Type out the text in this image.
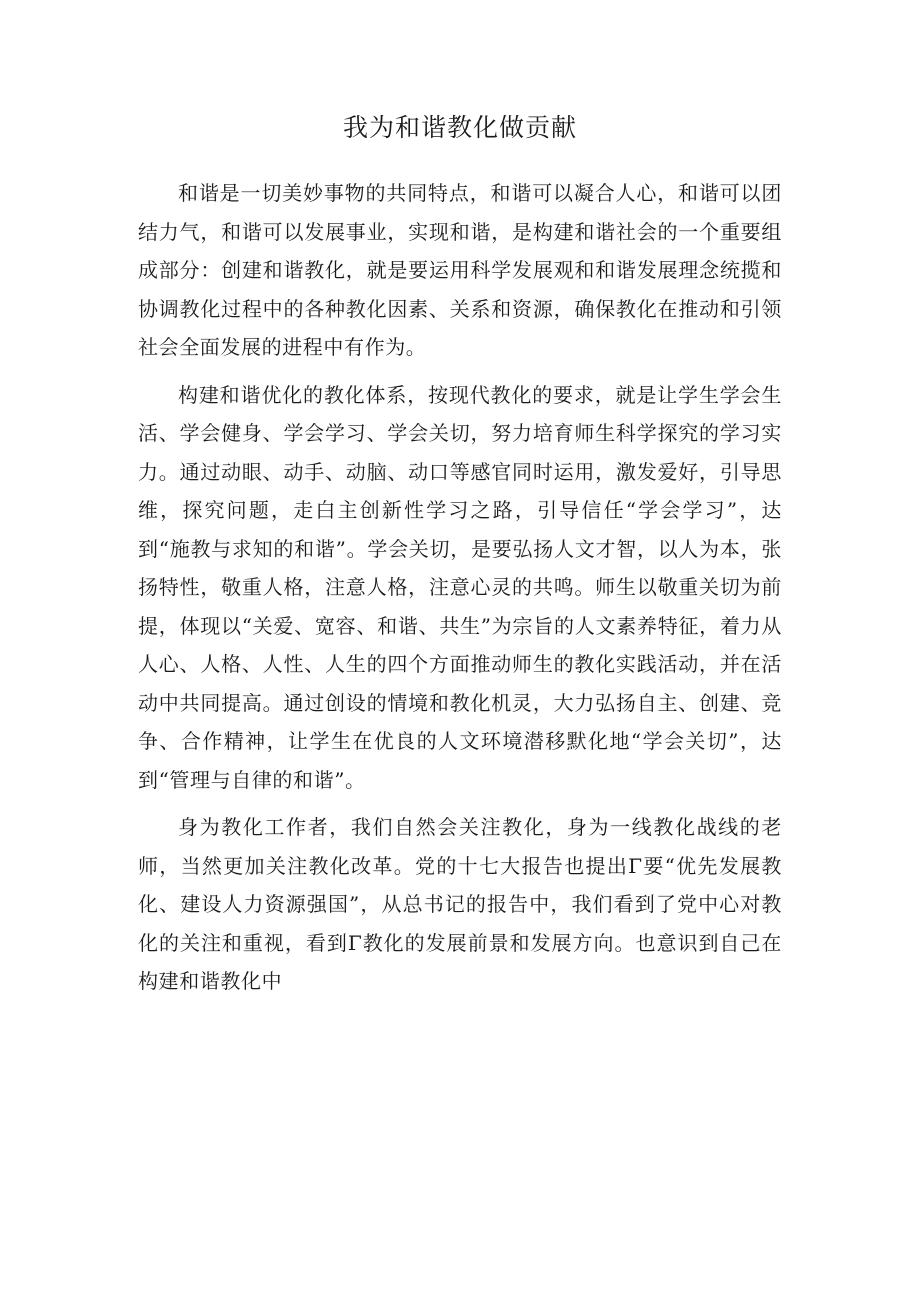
我为和谐教化做贡献

和谐是一切美妙事物的共同特点，和谐可以凝合人心，和谐可以团结力气，和谐可以发展事业，实现和谐，是构建和谐社会的一个重要组成部分：创建和谐教化，就是要运用科学发展观和和谐发展理念统揽和协调教化过程中的各种教化因素、关系和资源，确保教化在推动和引领社会全面发展的进程中有作为。

构建和谐优化的教化体系，按现代教化的要求，就是让学生学会生活、学会健身、学会学习、学会关切，努力培育师生科学探究的学习实力。通过动眼、动手、动脑、动口等感官同时运用，激发爱好，引导思维，探究问题，走白主创新性学习之路，引导信任“学会学习”，达到“施教与求知的和谐”。学会关切，是要弘扬人文才智，以人为本，张扬特性，敬重人格，注意人格，注意心灵的共鸣。师生以敬重关切为前提，体现以“关爱、宽容、和谐、共生”为宗旨的人文素养特征，着力从人心、人格、人性、人生的四个方面推动师生的教化实践活动，并在活动中共同提高。通过创设的情境和教化机灵，大力弘扬自主、创建、竞争、合作精神，让学生在优良的人文环境潜移默化地“学会关切”，达到“管理与自律的和谐”。

身为教化工作者，我们自然会关注教化，身为一线教化战线的老师，当然更加关注教化改革。党的十七大报告也提出Γ要“优先发展教化、建设人力资源强国”，从总书记的报告中，我们看到了党中心对教化的关注和重视，看到Γ教化的发展前景和发展方向。也意识到自己在构建和谐教化中
